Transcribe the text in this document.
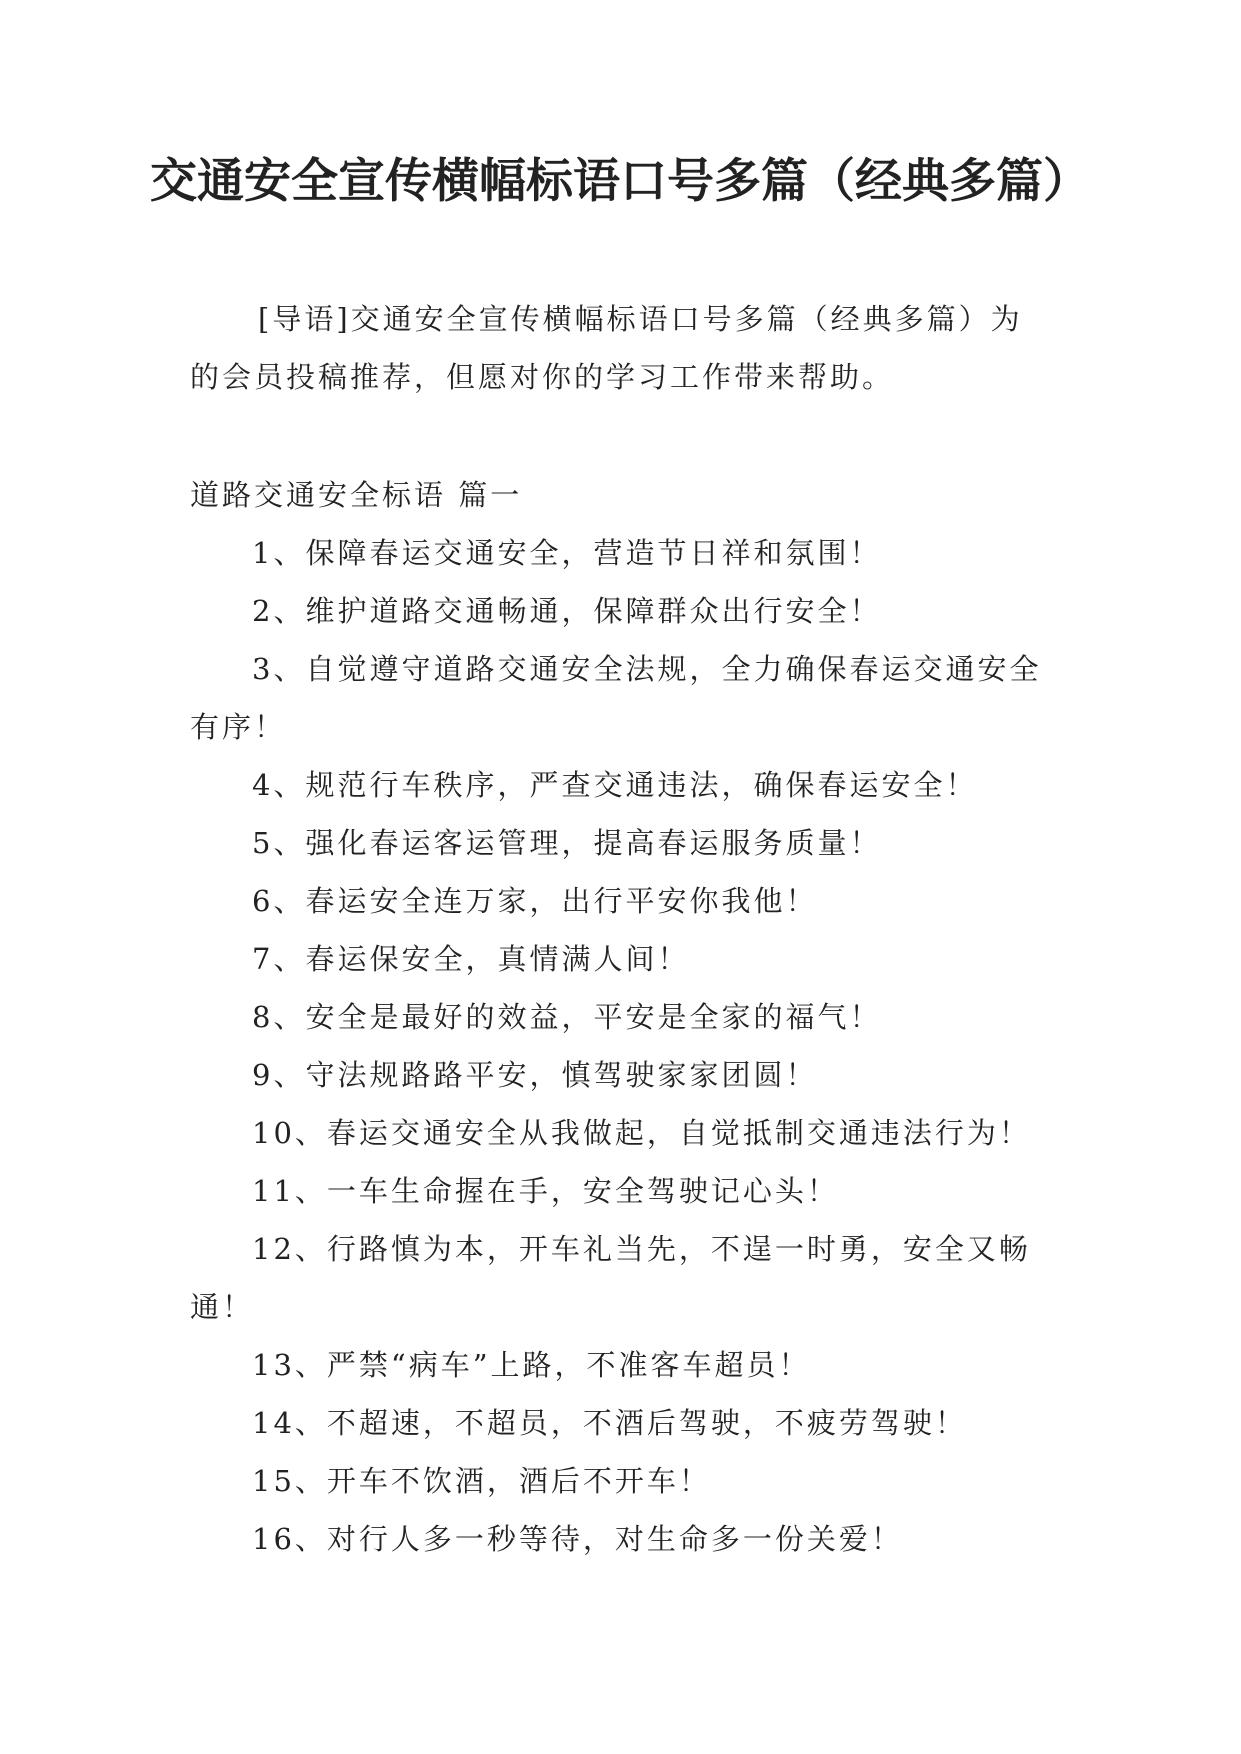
交通安全宣传横幅标语口号多篇（经典多篇）
[导语]交通安全宣传横幅标语口号多篇（经典多篇）为的会员投稿推荐，但愿对你的学习工作带来帮助。
道路交通安全标语 篇一
1、保障春运交通安全，营造节日祥和氛围！
2、维护道路交通畅通，保障群众出行安全！
3、自觉遵守道路交通安全法规，全力确保春运交通安全有序！
4、规范行车秩序，严查交通违法，确保春运安全！
5、强化春运客运管理，提高春运服务质量！
6、春运安全连万家，出行平安你我他！
7、春运保安全，真情满人间！
8、安全是最好的效益，平安是全家的福气！
9、守法规路路平安，慎驾驶家家团圆！
10、春运交通安全从我做起，自觉抵制交通违法行为！
11、一车生命握在手，安全驾驶记心头！
12、行路慎为本，开车礼当先，不逞一时勇，安全又畅通！
13、严禁“病车”上路，不准客车超员！
14、不超速，不超员，不酒后驾驶，不疲劳驾驶！
15、开车不饮酒，酒后不开车！
16、对行人多一秒等待，对生命多一份关爱！
